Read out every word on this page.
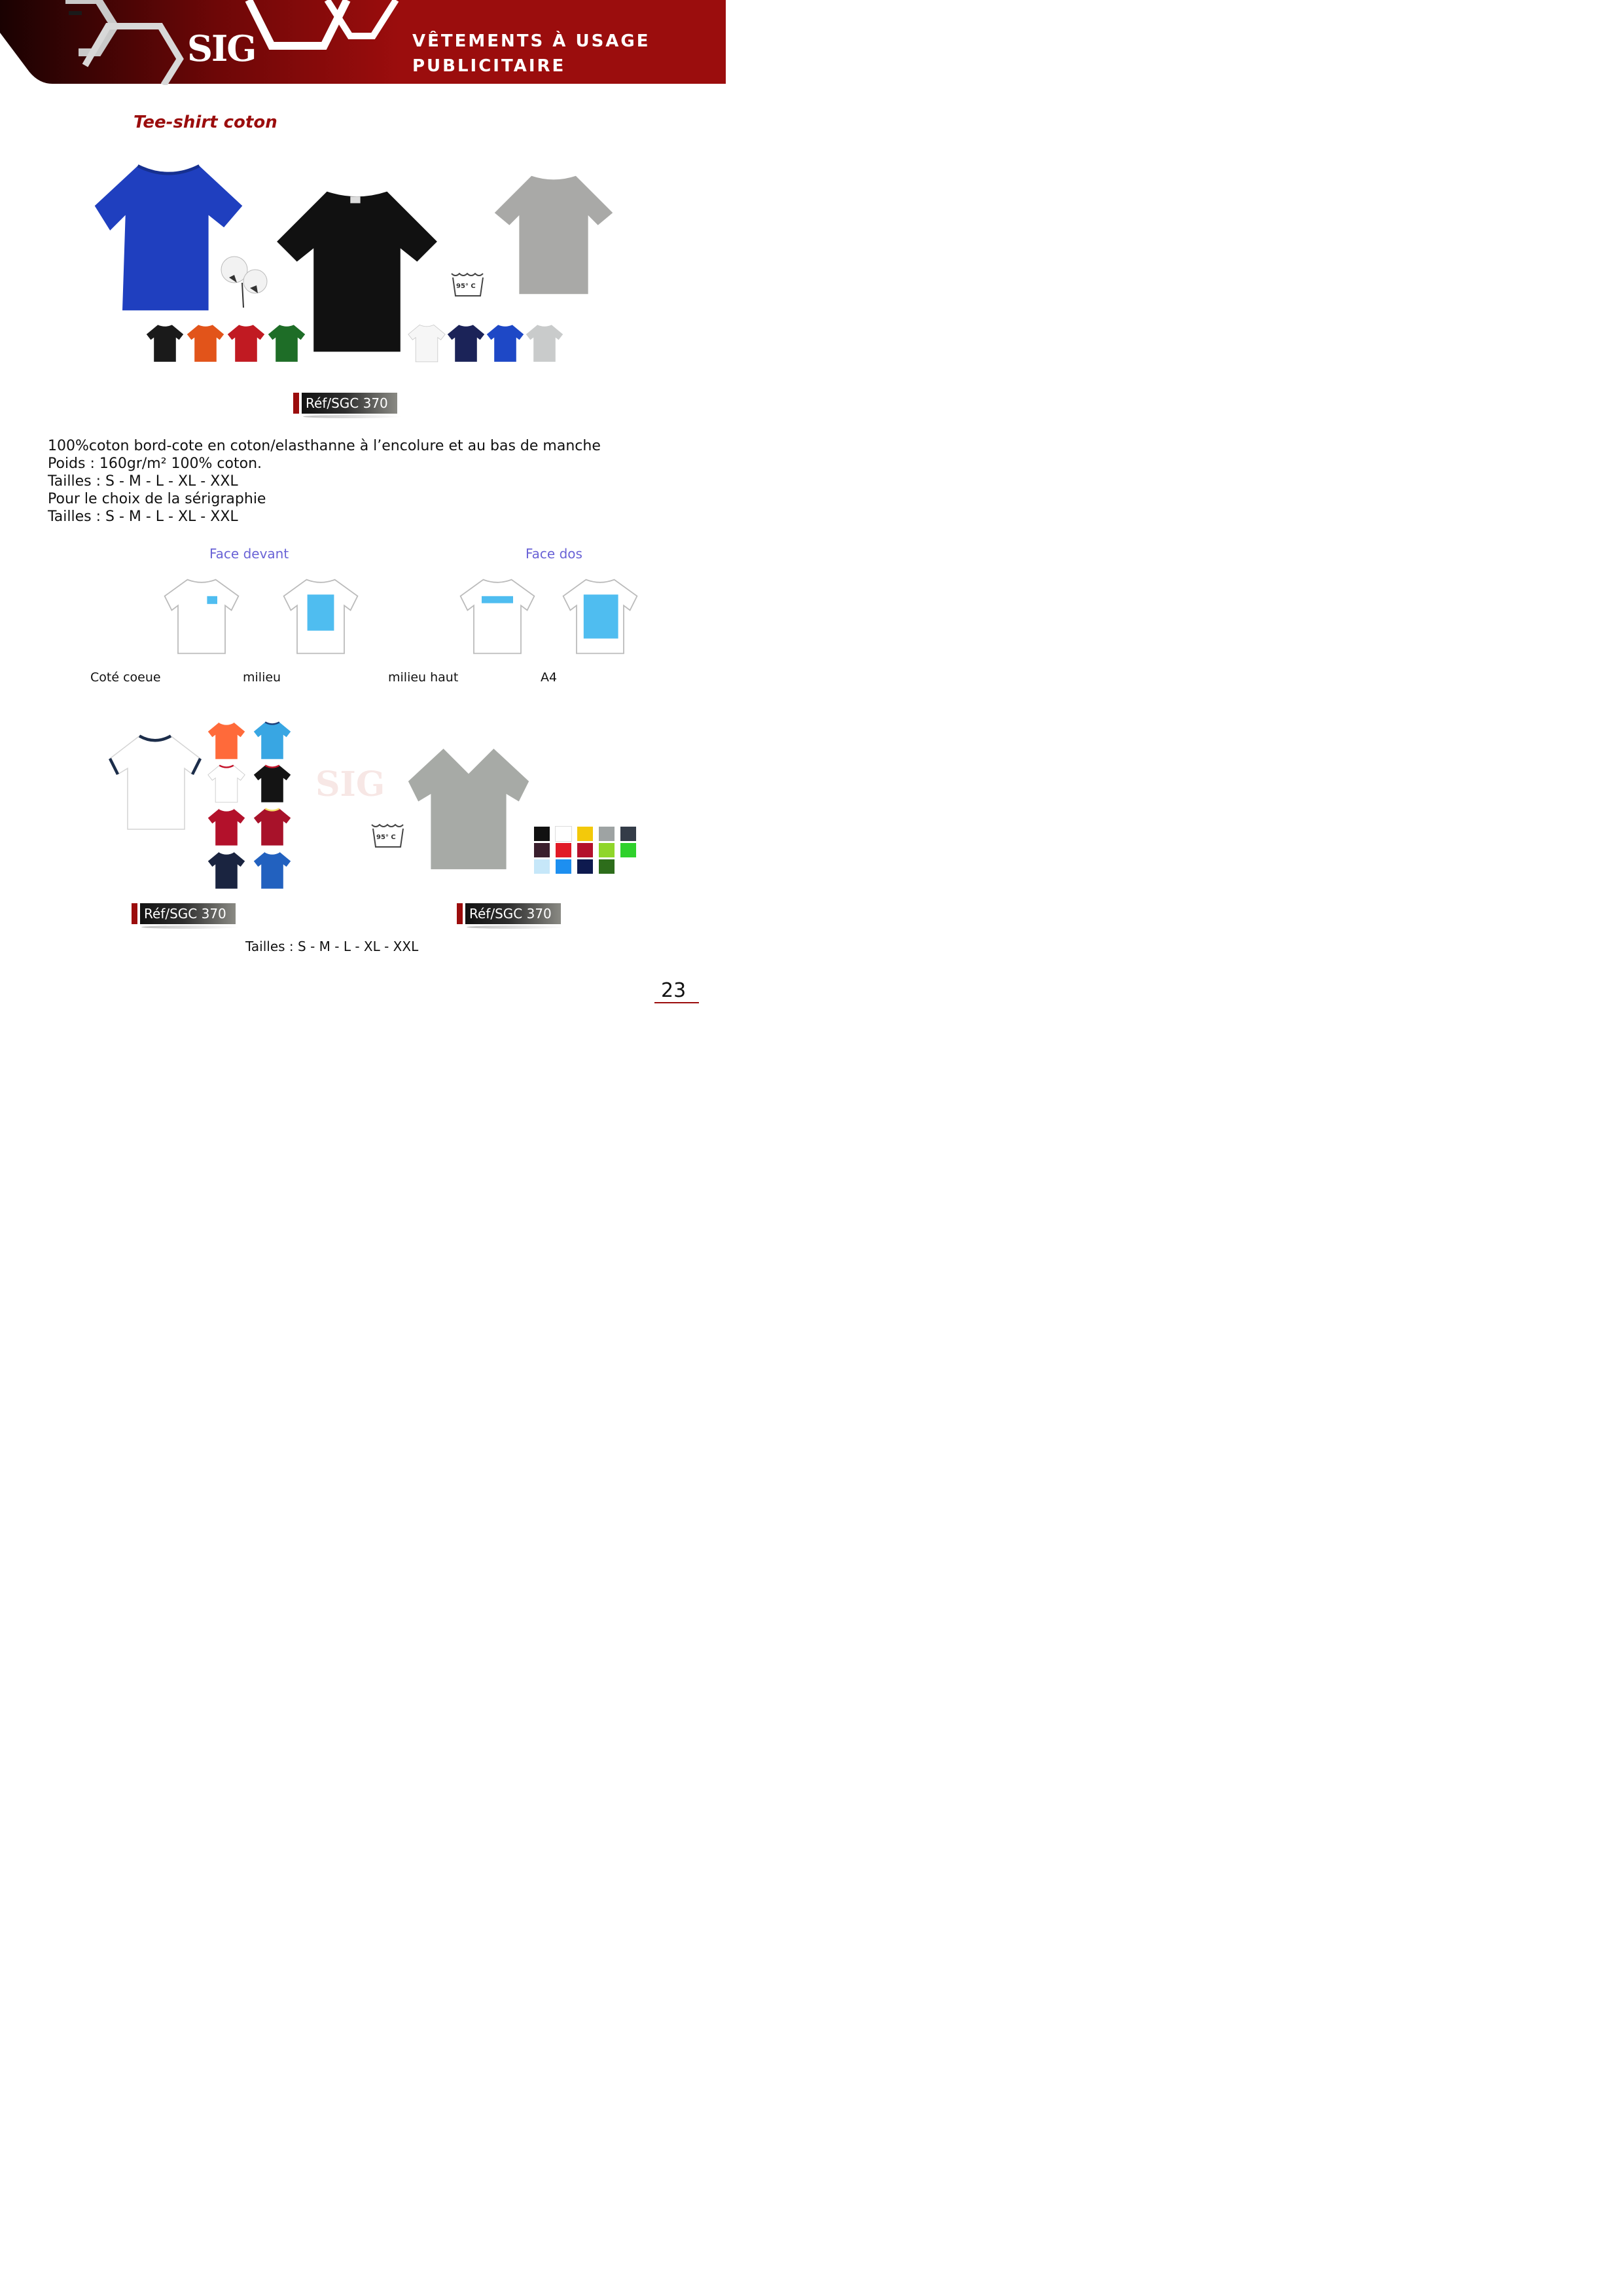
SIG	VÊTEMENTS À USAGE
PUBLICITAIRE
Tee-shirt coton
95° C
Réf/SGC 370
100%coton bord-cote en coton/elasthanne à l’encolure et au bas de manche
Poids : 160gr/m² 100% coton.
Tailles : S - M - L - XL - XXL
Pour le choix de la sérigraphie
Tailles : S - M - L - XL - XXL
Face devant	Face dos
Coté coeue	milieu	milieu haut	A4
SIG
95° C
Réf/SGC 370	Réf/SGC 370
Tailles : S - M - L - XL - XXL
23
